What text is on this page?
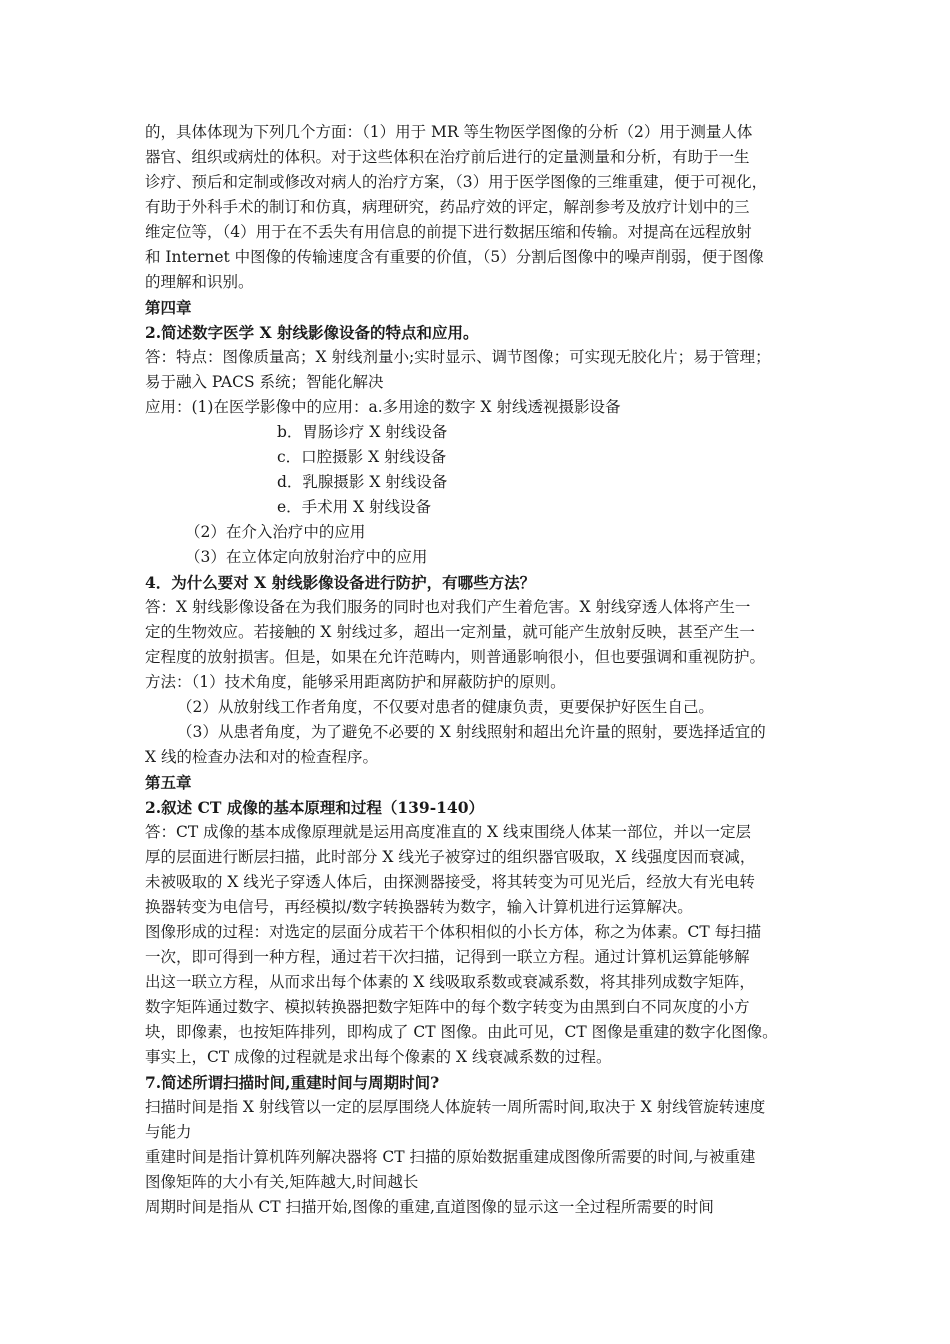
的，具体体现为下列几个方面：（1）用于 MR 等生物医学图像的分析（2）用于测量人体
器官、组织或病灶的体积。对于这些体积在治疗前后进行的定量测量和分析，有助于一生
诊疗、预后和定制或修改对病人的治疗方案，（3）用于医学图像的三维重建，便于可视化，
有助于外科手术的制订和仿真，病理研究，药品疗效的评定，解剖参考及放疗计划中的三
维定位等，（4）用于在不丢失有用信息的前提下进行数据压缩和传输。对提高在远程放射
和 Internet 中图像的传输速度含有重要的价值，（5）分割后图像中的噪声削弱，便于图像
的理解和识别。
第四章
2.简述数字医学 X 射线影像设备的特点和应用。
答：特点：图像质量高；X 射线剂量小;实时显示、调节图像；可实现无胶化片；易于管理；
易于融入 PACS 系统；智能化解决
应用：(1)在医学影像中的应用：a.多用途的数字 X 射线透视摄影设备
b．胃肠诊疗 X 射线设备
c．口腔摄影 X 射线设备
d．乳腺摄影 X 射线设备
e．手术用 X 射线设备
（2）在介入治疗中的应用
（3）在立体定向放射治疗中的应用
4．为什么要对 X 射线影像设备进行防护，有哪些方法？
答：X 射线影像设备在为我们服务的同时也对我们产生着危害。X 射线穿透人体将产生一
定的生物效应。若接触的 X 射线过多，超出一定剂量，就可能产生放射反映，甚至产生一
定程度的放射损害。但是，如果在允许范畴内，则普通影响很小，但也要强调和重视防护。
方法：（1）技术角度，能够采用距离防护和屏蔽防护的原则。
（2）从放射线工作者角度，不仅要对患者的健康负责，更要保护好医生自己。
（3）从患者角度，为了避免不必要的 X 射线照射和超出允许量的照射，要选择适宜的
X 线的检查办法和对的检查程序。
第五章
2.叙述 CT 成像的基本原理和过程（139-140）
答：CT 成像的基本成像原理就是运用高度准直的 X 线束围绕人体某一部位，并以一定层
厚的层面进行断层扫描，此时部分 X 线光子被穿过的组织器官吸取，X 线强度因而衰减，
未被吸取的 X 线光子穿透人体后，由探测器接受，将其转变为可见光后，经放大有光电转
换器转变为电信号，再经模拟/数字转换器转为数字，输入计算机进行运算解决。
图像形成的过程：对选定的层面分成若干个体积相似的小长方体，称之为体素。CT 每扫描
一次，即可得到一种方程，通过若干次扫描，记得到一联立方程。通过计算机运算能够解
出这一联立方程，从而求出每个体素的 X 线吸取系数或衰减系数，将其排列成数字矩阵，
数字矩阵通过数字、模拟转换器把数字矩阵中的每个数字转变为由黑到白不同灰度的小方
块，即像素，也按矩阵排列，即构成了 CT 图像。由此可见，CT 图像是重建的数字化图像。
事实上，CT 成像的过程就是求出每个像素的 X 线衰减系数的过程。
7.简述所谓扫描时间,重建时间与周期时间?
扫描时间是指 X 射线管以一定的层厚围绕人体旋转一周所需时间,取决于 X 射线管旋转速度
与能力
重建时间是指计算机阵列解决器将 CT 扫描的原始数据重建成图像所需要的时间,与被重建
图像矩阵的大小有关,矩阵越大,时间越长
周期时间是指从 CT 扫描开始,图像的重建,直道图像的显示这一全过程所需要的时间
